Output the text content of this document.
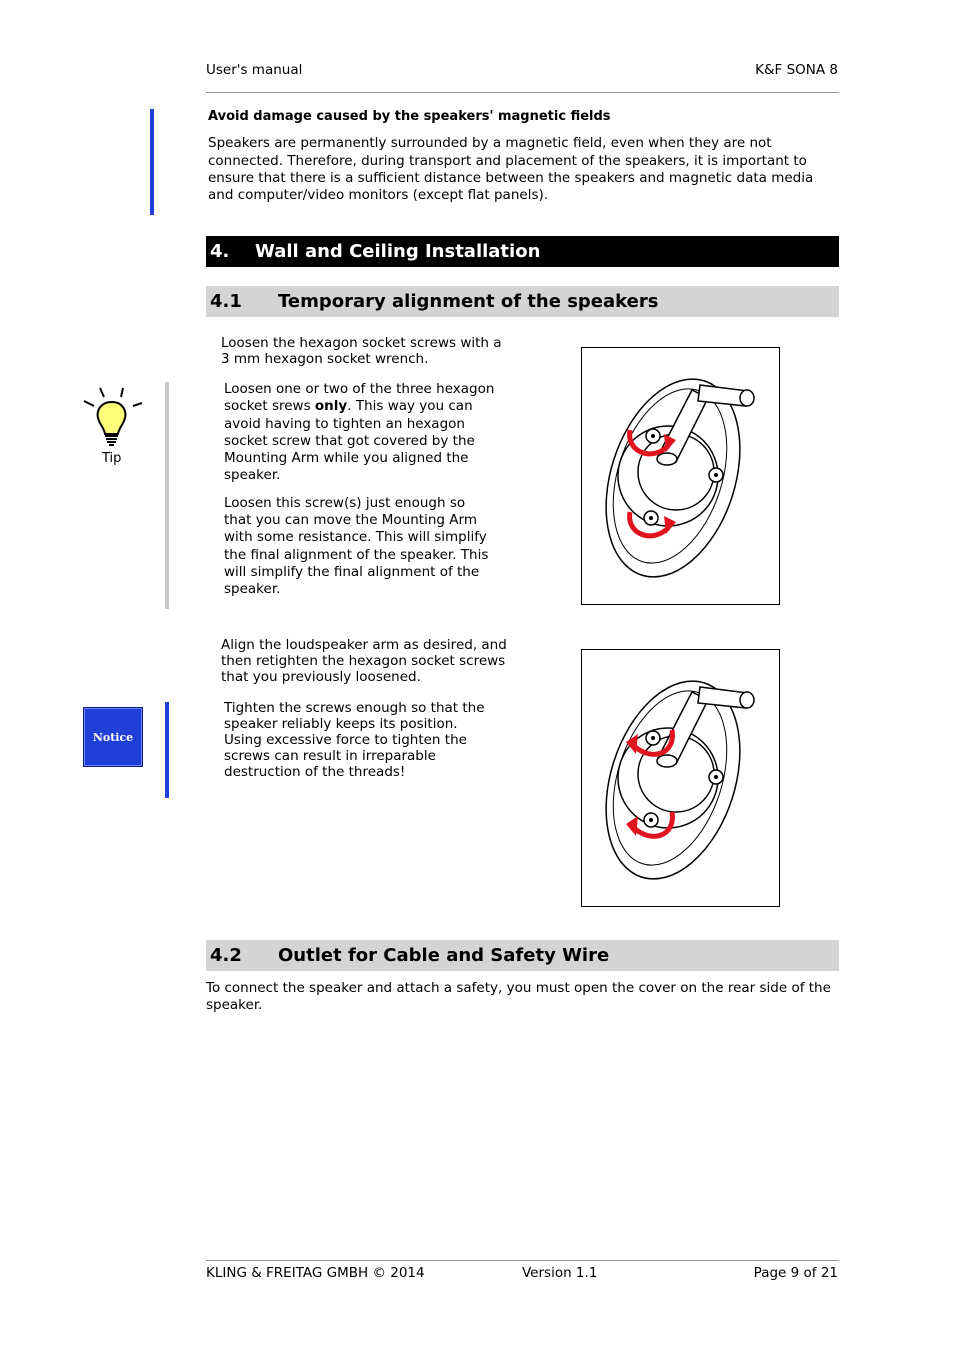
User's manual	K&F SONA 8

Avoid damage caused by the speakers' magnetic fields

Speakers are permanently surrounded by a magnetic field, even when they are not connected. Therefore, during transport and placement of the speakers, it is important to ensure that there is a sufficient distance between the speakers and magnetic data media and computer/video monitors (except flat panels).

4.	Wall and Ceiling Installation
4.1	Temporary alignment of the speakers
Loosen the hexagon socket screws with a 3 mm hexagon socket wrench.
Tip

Loosen one or two of the three hexagon socket srews only. This way you can avoid having to tighten an hexagon socket screw that got covered by the Mounting Arm while you aligned the speaker.

Loosen this screw(s) just enough so that you can move the Mounting Arm with some resistance. This will simplify the final alignment of the speaker. This will simplify the final alignment of the speaker.

Align the loudspeaker arm as desired, and then retighten the hexagon socket screws that you previously loosened.
Notice
Tighten the screws enough so that the speaker reliably keeps its position. Using excessive force to tighten the screws can result in irreparable destruction of the threads!
4.2	Outlet for Cable and Safety Wire

To connect the speaker and attach a safety, you must open the cover on the rear side of the speaker.

KLING & FREITAG GMBH © 2014	Version 1.1	Page 9 of 21
